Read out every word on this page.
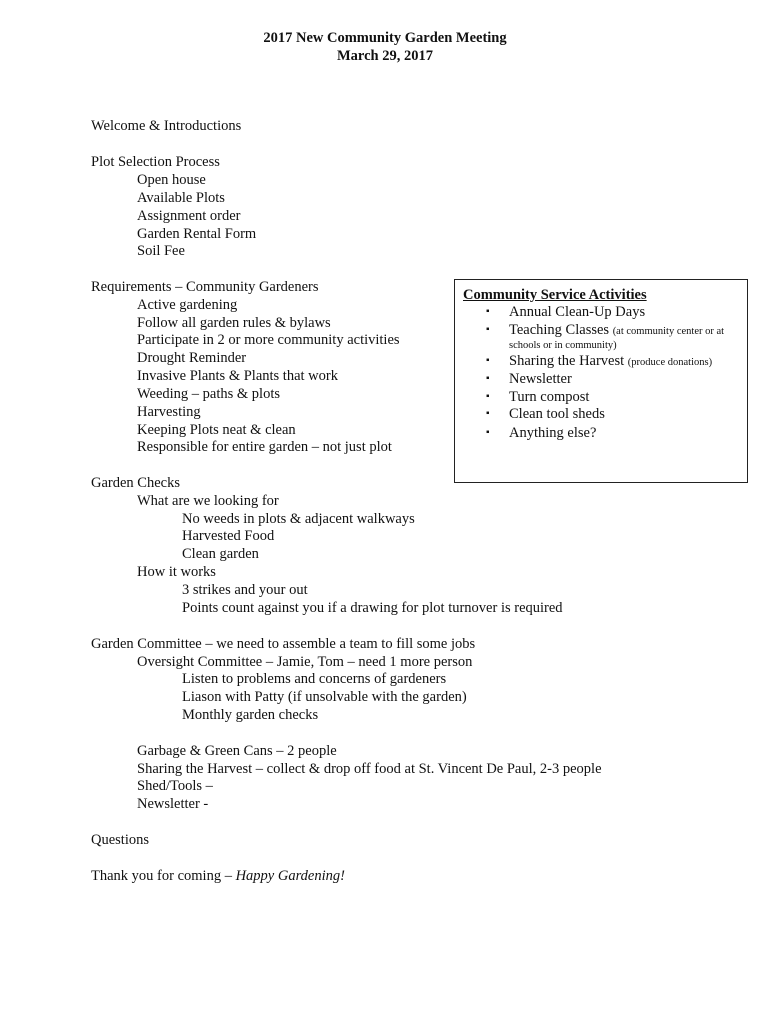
2017 New Community Garden Meeting
March 29, 2017
Welcome & Introductions
Plot Selection Process
Open house
Available Plots
Assignment order
Garden Rental Form
Soil Fee
Requirements – Community Gardeners
Active gardening
Follow all garden rules & bylaws
Participate in 2 or more community activities
Drought Reminder
Invasive Plants & Plants that work
Weeding – paths & plots
Harvesting
Keeping Plots neat & clean
Responsible for entire garden – not just plot
Community Service Activities
▪ Annual Clean-Up Days
▪ Teaching Classes (at community center or at
schools or in community)
▪ Sharing the Harvest (produce donations)
▪ Newsletter
▪ Turn compost
▪ Clean tool sheds
▪ Anything else?
Garden Checks
What are we looking for
No weeds in plots & adjacent walkways
Harvested Food
Clean garden
How it works
3 strikes and your out
Points count against you if a drawing for plot turnover is required
Garden Committee – we need to assemble a team to fill some jobs
Oversight Committee – Jamie, Tom – need 1 more person
Listen to problems and concerns of gardeners
Liason with Patty (if unsolvable with the garden)
Monthly garden checks
Garbage & Green Cans – 2 people
Sharing the Harvest – collect & drop off food at St. Vincent De Paul, 2-3 people
Shed/Tools –
Newsletter -
Questions
Thank you for coming – Happy Gardening!
